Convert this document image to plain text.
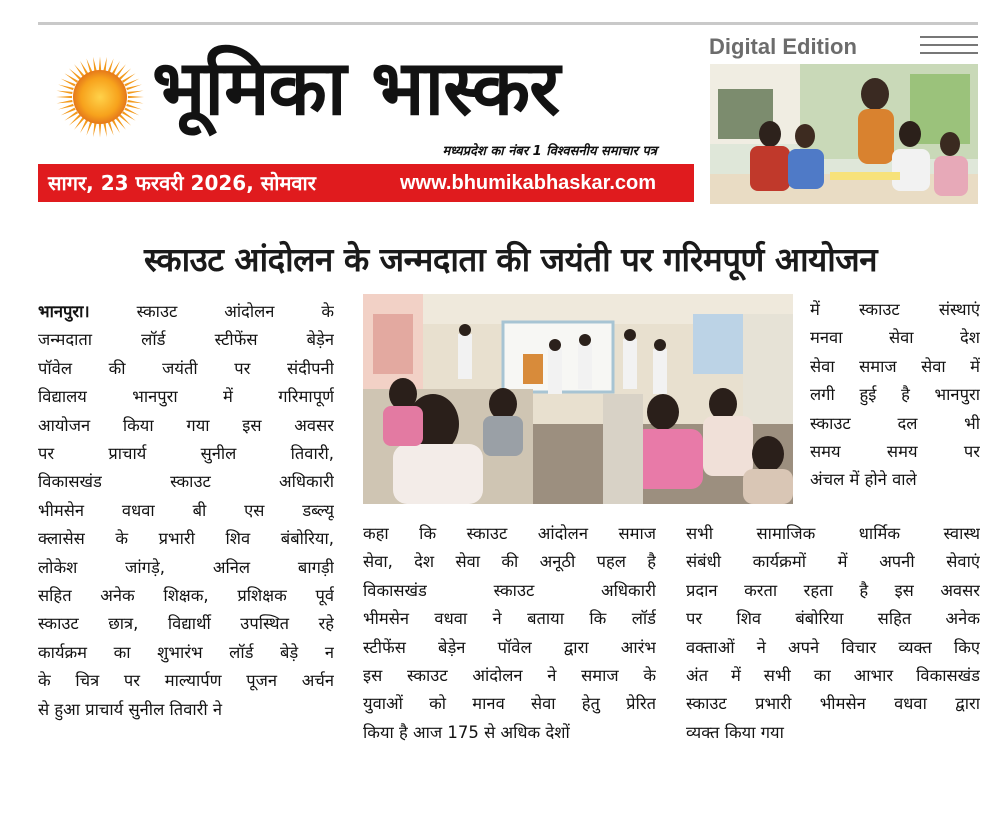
भूमिका भास्कर
मध्यप्रदेश का नंबर 1 विश्वसनीय समाचार पत्र
सागर, 23 फरवरी 2026, सोमवार	www.bhumikabhaskar.com
Digital Edition
स्काउट आंदोलन के जन्मदाता की जयंती पर गरिमपूर्ण आयोजन
भानपुरा। स्काउट आंदोलन के
जन्मदाता लॉर्ड स्टीफेंस बेड़ेन
पॉवेल की जयंती पर संदीपनी
विद्यालय भानपुरा में गरिमापूर्ण
आयोजन किया गया इस अवसर
पर प्राचार्य सुनील तिवारी,
विकासखंड स्काउट अधिकारी
भीमसेन वधवा बी एस डब्ल्यू
क्लासेस के प्रभारी शिव बंबोरिया,
लोकेश जांगड़े, अनिल बागड़ी
सहित अनेक शिक्षक, प्रशिक्षक पूर्व
स्काउट छात्र, विद्यार्थी उपस्थित रहे
कार्यक्रम का शुभारंभ लॉर्ड बेड़े न
के चित्र पर माल्यार्पण पूजन अर्चन
से हुआ प्राचार्य सुनील तिवारी ने
में स्काउट संस्थाएं
मनवा सेवा देश
सेवा समाज सेवा में
लगी हुई है भानपुरा
स्काउट दल भी
समय समय पर
अंचल में होने वाले
कहा कि स्काउट आंदोलन समाज
सेवा, देश सेवा की अनूठी पहल है
विकासखंड स्काउट अधिकारी
भीमसेन वधवा ने बताया कि लॉर्ड
स्टीफेंस बेड़ेन पॉवेल द्वारा आरंभ
इस स्काउट आंदोलन ने समाज के
युवाओं को मानव सेवा हेतु प्रेरित
किया है आज 175 से अधिक देशों
सभी सामाजिक धार्मिक स्वास्थ
संबंधी कार्यक्रमों में अपनी सेवाएं
प्रदान करता रहता है इस अवसर
पर शिव बंबोरिया सहित अनेक
वक्ताओं ने अपने विचार व्यक्त किए
अंत में सभी का आभार विकासखंड
स्काउट प्रभारी भीमसेन वधवा द्वारा
व्यक्त किया गया
